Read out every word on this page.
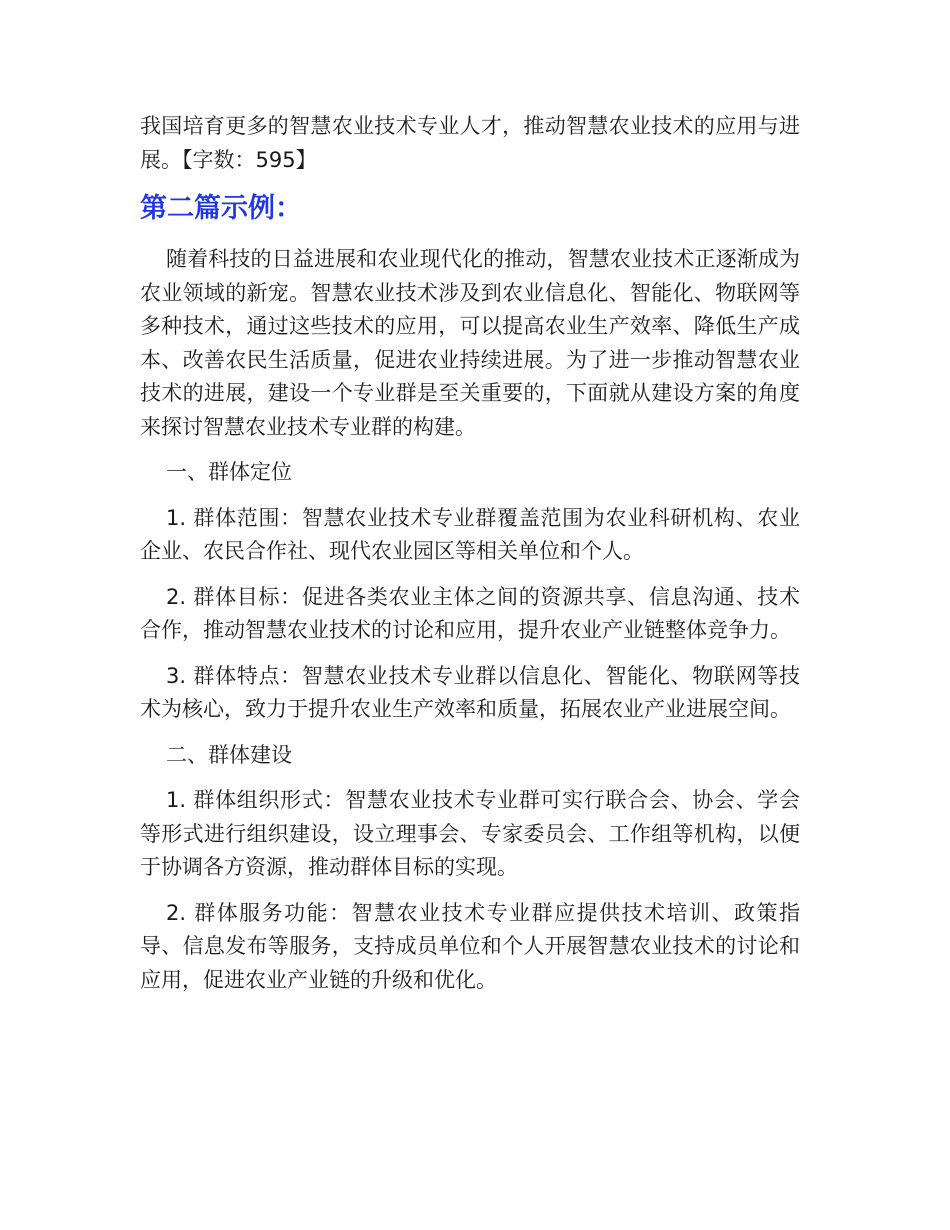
我国培育更多的智慧农业技术专业人才，推动智慧农业技术的应用与进展。【字数：595】

第二篇示例：

随着科技的日益进展和农业现代化的推动，智慧农业技术正逐渐成为农业领域的新宠。智慧农业技术涉及到农业信息化、智能化、物联网等多种技术，通过这些技术的应用，可以提高农业生产效率、降低生产成本、改善农民生活质量，促进农业持续进展。为了进一步推动智慧农业技术的进展，建设一个专业群是至关重要的，下面就从建设方案的角度来探讨智慧农业技术专业群的构建。

一、群体定位

1. 群体范围：智慧农业技术专业群覆盖范围为农业科研机构、农业企业、农民合作社、现代农业园区等相关单位和个人。

2. 群体目标：促进各类农业主体之间的资源共享、信息沟通、技术合作，推动智慧农业技术的讨论和应用，提升农业产业链整体竞争力。

3. 群体特点：智慧农业技术专业群以信息化、智能化、物联网等技术为核心，致力于提升农业生产效率和质量，拓展农业产业进展空间。

二、群体建设

1. 群体组织形式：智慧农业技术专业群可实行联合会、协会、学会等形式进行组织建设，设立理事会、专家委员会、工作组等机构，以便于协调各方资源，推动群体目标的实现。

2. 群体服务功能：智慧农业技术专业群应提供技术培训、政策指导、信息发布等服务，支持成员单位和个人开展智慧农业技术的讨论和应用，促进农业产业链的升级和优化。
